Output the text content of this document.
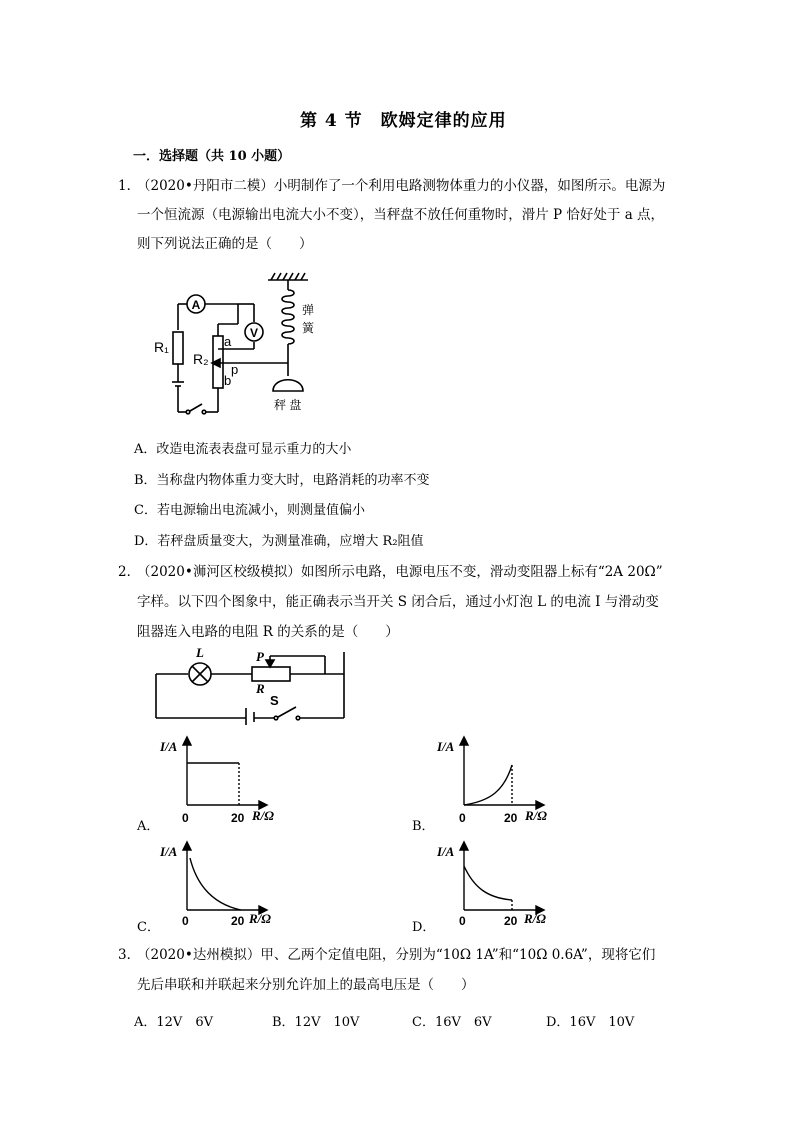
第 4 节　欧姆定律的应用
一．选择题（共 10 小题）
1．
（2020•丹阳市二模）小明制作了一个利用电路测物体重力的小仪器，如图所示。电源为
一个恒流源（电源输出电流大小不变），当秤盘不放任何重物时，滑片 P 恰好处于 a 点，
则下列说法正确的是（　　）
A
V
R₁
R₂
a
p
b
弹
簧
秤 盘
A．改造电流表表盘可显示重力的大小
B．当称盘内物体重力变大时，电路消耗的功率不变
C．若电源输出电流减小，则测量值偏小
D．若秤盘质量变大，为测量准确，应增大 R₂阻值
2．
（2020•浉河区校级模拟）如图所示电路，电源电压不变，滑动变阻器上标有“2A 20Ω”
字样。以下四个图象中，能正确表示当开关 S 闭合后，通过小灯泡 L 的电流 I 与滑动变
阻器连入电路的电阻 R 的关系的是（　　）
L	P
R
S
A．
I/A
0	20 R/Ω
B．
I/A
0	20 R/Ω
C．
I/A
0	20 R/Ω
D．
I/A
0	20 R/Ω
3．
（2020•达州模拟）甲、乙两个定值电阻，分别为“10Ω 1A”和“10Ω 0.6A”，现将它们
先后串联和并联起来分别允许加上的最高电压是（　　）
A．12V　6V	B．12V　10V	C．16V　6V	D．16V　10V
